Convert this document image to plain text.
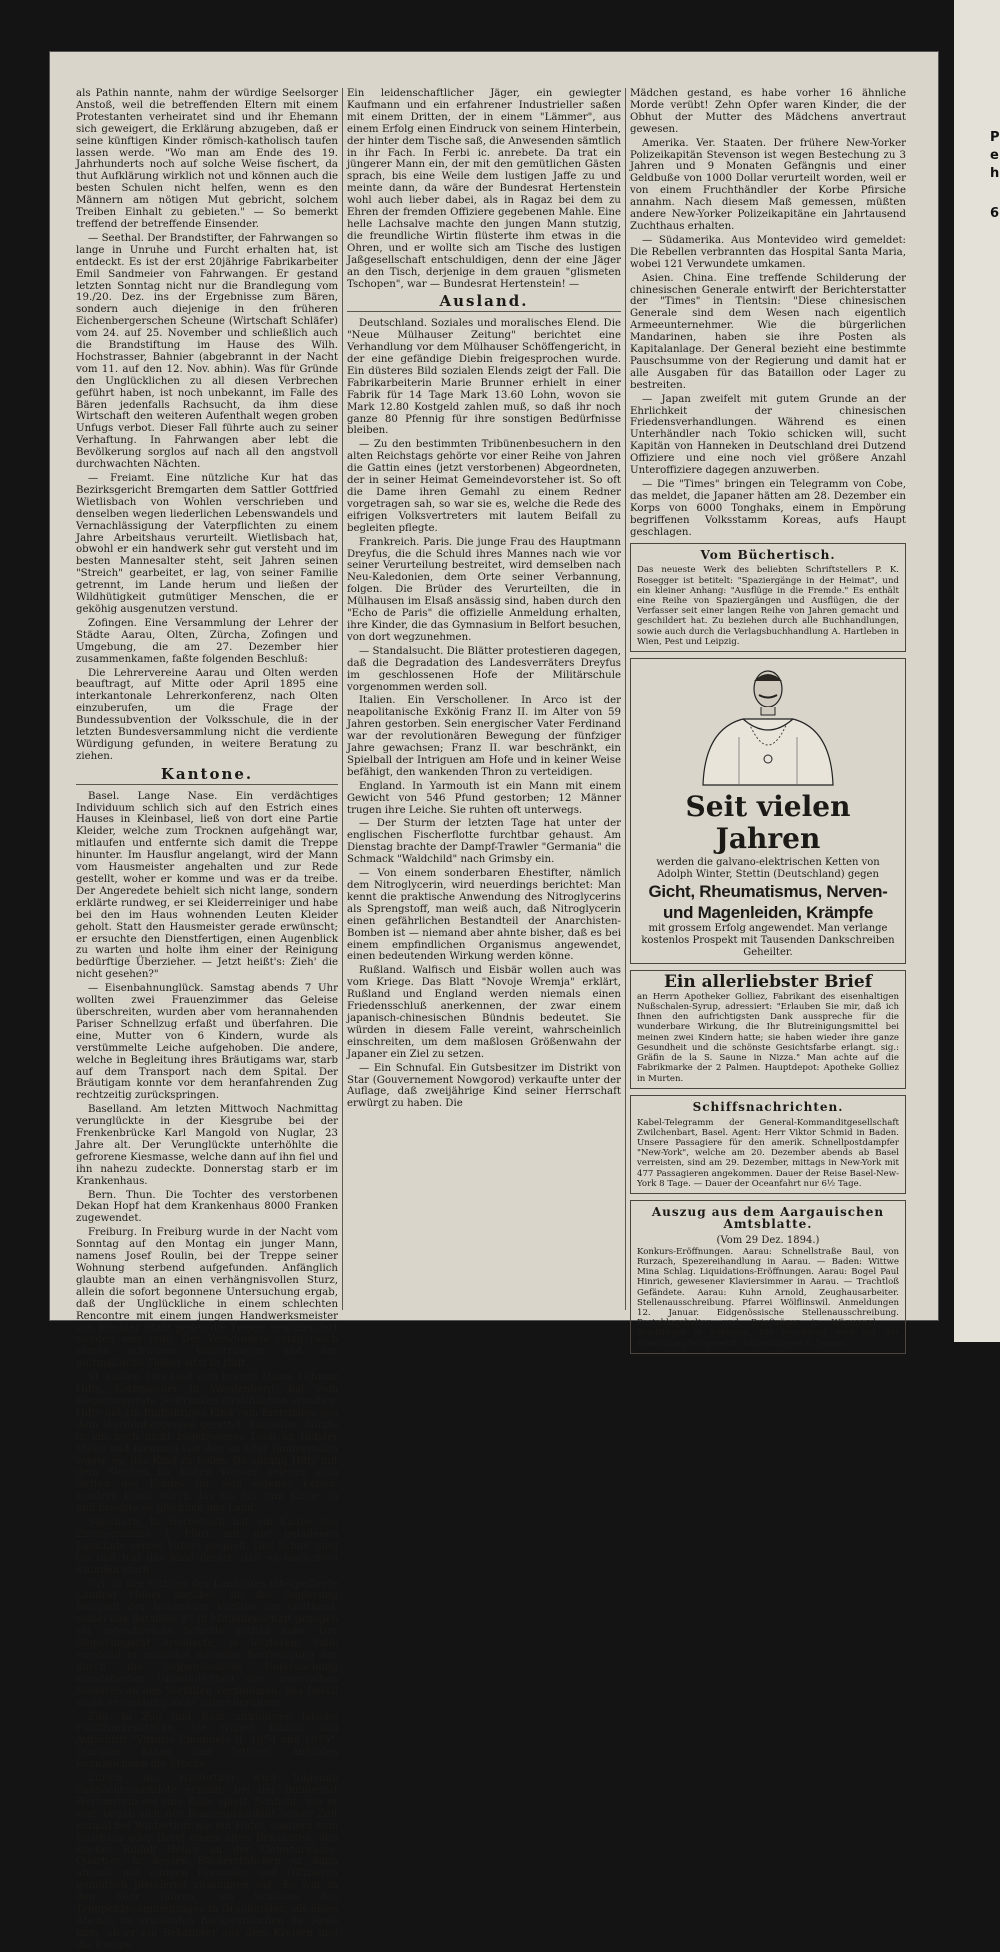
als Pathin nannte, nahm der würdige Seelsorger Anstoß, weil die betreffenden Eltern mit einem Protestanten verheiratet sind und ihr Ehemann sich geweigert, die Erklärung abzugeben, daß er seine künftigen Kinder römisch-katholisch taufen lassen werde. "Wo man am Ende des 19. Jahrhunderts noch auf solche Weise fischert, da thut Aufklärung wirklich not und können auch die besten Schulen nicht helfen, wenn es den Männern am nötigen Mut gebricht, solchem Treiben Einhalt zu gebieten." — So bemerkt treffend der betreffende Einsender.

— Seethal. Der Brandstifter, der Fahrwangen so lange in Unruhe und Furcht erhalten hat, ist entdeckt. Es ist der erst 20jährige Fabrikarbeiter Emil Sandmeier von Fahrwangen. Er gestand letzten Sonntag nicht nur die Brandlegung vom 19./20. Dez. ins der Ergebnisse zum Bären, sondern auch diejenige in den früheren Eichenbergerschen Scheune (Wirtschaft Schläfer) vom 24. auf 25. November und schließlich auch die Brandstiftung im Hause des Wilh. Hochstrasser, Bahnier (abgebrannt in der Nacht vom 11. auf den 12. Nov. abhin). Was für Gründe den Unglücklichen zu all diesen Verbrechen geführt haben, ist noch unbekannt, im Falle des Bären jedenfalls Rachsucht, da ihm diese Wirtschaft den weiteren Aufenthalt wegen groben Unfugs verbot. Dieser Fall führte auch zu seiner Verhaftung. In Fahrwangen aber lebt die Bevölkerung sorglos auf nach all den angstvoll durchwachten Nächten.

— Freiamt. Eine nützliche Kur hat das Bezirksgericht Bremgarten dem Sattler Gottfried Wietlisbach von Wohlen verschrieben und denselben wegen liederlichen Lebenswandels und Vernachlässigung der Vaterpflichten zu einem Jahre Arbeitshaus verurteilt. Wietlisbach hat, obwohl er ein handwerk sehr gut versteht und im besten Mannesalter steht, seit Jahren seinen "Streich" gearbeitet, er lag, von seiner Familie getrennt, im Lande herum und ließen der Wildhütigkeit gutmütiger Menschen, die er geköhig ausgenutzen verstund.

Zofingen. Eine Versammlung der Lehrer der Städte Aarau, Olten, Zürcha, Zofingen und Umgebung, die am 27. Dezember hier zusammenkamen, faßte folgenden Beschluß:

Die Lehrervereine Aarau und Olten werden beauftragt, auf Mitte oder April 1895 eine interkantonale Lehrerkonferenz, nach Olten einzuberufen, um die Frage der Bundessubvention der Volksschule, die in der letzten Bundesversammlung nicht die verdiente Würdigung gefunden, in weitere Beratung zu ziehen.

Kantone.

Basel. Lange Nase. Ein verdächtiges Individuum schlich sich auf den Estrich eines Hauses in Kleinbasel, ließ von dort eine Partie Kleider, welche zum Trocknen aufgehängt war, mitlaufen und entfernte sich damit die Treppe hinunter. Im Hausflur angelangt, wird der Mann vom Hausmeister angehalten und zur Rede gestellt, woher er komme und was er da treibe. Der Angeredete behielt sich nicht lange, sondern erklärte rundweg, er sei Kleiderreiniger und habe bei den im Haus wohnenden Leuten Kleider geholt. Statt den Hausmeister gerade erwünscht; er ersuchte den Dienstfertigen, einen Augenblick zu warten und holte ihm einer der Reinigung bedürftige Überzieher. — Jetzt heißt's: Zieh' die nicht gesehen?"

— Eisenbahnunglück. Samstag abends 7 Uhr wollten zwei Frauenzimmer das Geleise überschreiten, wurden aber vom herannahenden Pariser Schnellzug erfaßt und überfahren. Die eine, Mutter von 6 Kindern, wurde als verstümmelte Leiche aufgehoben. Die andere, welche in Begleitung ihres Bräutigams war, starb auf dem Transport nach dem Spital. Der Bräutigam konnte vor dem heranfahrenden Zug rechtzeitig zurückspringen.

Baselland. Am letzten Mittwoch Nachmittag verunglückte in der Kiesgrube bei der Frenkenbrücke Karl Mangold von Nuglar, 23 Jahre alt. Der Verunglückte unterhöhlte die gefrorene Kiesmasse, welche dann auf ihn fiel und ihn nahezu zudeckte. Donnerstag starb er im Krankenhaus.

Bern. Thun. Die Tochter des verstorbenen Dekan Hopf hat dem Krankenhaus 8000 Franken zugewendet.

Freiburg. In Freiburg wurde in der Nacht vom Sonntag auf den Montag ein junger Mann, namens Josef Roulin, bei der Treppe seiner Wohnung sterbend aufgefunden. Anfänglich glaubte man an einen verhängnisvollen Sturz, allein die sofort begonnene Untersuchung ergab, daß der Unglückliche in einem schlechten Rencontre mit einem jungen Handwerksmeister von hiesiger Stadt gegen die Treppe geschleudert worden sein muß. Der Verwundete erlag rasch seinen schweren Verletzungen und der mutmaßliche Thäter sitzt in Haft.

St. Gallen. Das Lied vom braven Mann. Othmar Hilty, Korbmacher in Werdenberg, hat vom Regierungsrate 30 Franken Gratifikation erhalten. Hilty hat ein fünfjähriges Kind vom Erstrinken aus dem Werdenbergersee gerettet. Dasselbe stürzte in ein noch nicht zugefrorenes Loch an tiefster Stelle und niemand von den an Ufer Jammernden wagte es, das Kind zu holen. Da sprang Hilty mit dem Stecken im kalten Wasser gelegen zum Retten des Kindes für sein eigenes Leben, sondern brach durch das Eis bis zum Kinde zu und brachte es glücklich ans Land.

Solothurn. In Herbetswil hat ein Knabe des Zimmermanns J. Fluri mit der geladenen Jagdflinte seines Vaters gespielt. Der Schuß ging los und traf das Kind derart, daß es nach zwei Stunden starb.

Uri. In der Sitzung des Landrates interpellierte Landrat Huber darüber, ob die Regierung beispielt der bekannten Vorfälle am Gotthard, wobei das Bataillon 87 in Mitleidenschaft gezogen sei, irgendwelche Schritte gethan habe. Der Regierungsrat erwiderte, in letzterem Falle empfand er zunächst dasselbe Befriedigung der durch die eidgenössische Untersuchung konstatierten Unbeteiligtheit der urnerischen Soldaten an den Vorfällen vernommen, das Detail wolle er vorläufig nicht näher berühren.

Zug. In Zug und Baar zirkulieren falsche Fünffrankenstücke. Sie tragen Bildnis und Aufschrift "Vittorio Emanuele II. 1874 und 1875". Dumpfer Klang und fettiges Anfühlen kennzeichnen die Stücke.

Zürich. Aus Winterthur wird folgende Faßnachtsanekdote erzählt: bei der Bundesrat Hertenstein sei eine Rolle spielt: Schlicht, wie er war, begab sich der Bundespräsident seiner Zeit einmal bei Winterthur nie ein Hotel, sondern vom Gasthaus oder Hotel einem alten Bekannten, den Bäcker Rudolf Heller an der Untertorgasse, Quartier, in dessen Bäckerstübchen er dann abends mit einigen Freunden und Offizieren gemütlich plaudernd zusammen saß. Es war in den 80er Jahren, am Schlusse des Truppenzusammenzuges in Graubünden, als eines Abends im erwähnten Bäckerstübchen die Rede kam, ob er ein Bekannter aus dem Kreisen und die Kneipe.

Ein leidenschaftlicher Jäger, ein gewiegter Kaufmann und ein erfahrener Industrieller saßen mit einem Dritten, der in einem "Lämmer", aus einem Erfolg einen Eindruck von seinem Hinterbein, der hinter dem Tische saß, die Anwesenden sämtlich in ihr Fach. In Ferbi ic. anrebete. Da trat ein jüngerer Mann ein, der mit den gemütlichen Gästen sprach, bis eine Weile dem lustigen Jaffe zu und meinte dann, da wäre der Bundesrat Hertenstein wohl auch lieber dabei, als in Ragaz bei dem zu Ehren der fremden Offiziere gegebenen Mahle. Eine helle Lachsalve machte den jungen Mann stutzig, die freundliche Wirtin flüsterte ihm etwas in die Ohren, und er wollte sich am Tische des lustigen Jaßgesellschaft entschuldigen, denn der eine Jäger an den Tisch, derjenige in dem grauen "glismeten Tschopen", war — Bundesrat Hertenstein! —

Ausland.

Deutschland. Soziales und moralisches Elend. Die "Neue Mülhauser Zeitung" berichtet eine Verhandlung vor dem Mülhauser Schöffengericht, in der eine gefändige Diebin freigesprochen wurde. Ein düsteres Bild sozialen Elends zeigt der Fall. Die Fabrikarbeiterin Marie Brunner erhielt in einer Fabrik für 14 Tage Mark 13.60 Lohn, wovon sie Mark 12.80 Kostgeld zahlen muß, so daß ihr noch ganze 80 Pfennig für ihre sonstigen Bedürfnisse bleiben.

— Zu den bestimmten Tribünenbesuchern in den alten Reichstags gehörte vor einer Reihe von Jahren die Gattin eines (jetzt verstorbenen) Abgeordneten, der in seiner Heimat Gemeindevorsteher ist. So oft die Dame ihren Gemahl zu einem Redner vorgetragen sah, so war sie es, welche die Rede des eifrigen Volksvertreters mit lautem Beifall zu begleiten pflegte.

Frankreich. Paris. Die junge Frau des Hauptmann Dreyfus, die die Schuld ihres Mannes nach wie vor seiner Verurteilung bestreitet, wird demselben nach Neu-Kaledonien, dem Orte seiner Verbannung, folgen. Die Brüder des Verurteilten, die in Mülhausen im Elsaß ansässig sind, haben durch den "Echo de Paris" die offizielle Anmeldung erhalten, ihre Kinder, die das Gymnasium in Belfort besuchen, von dort wegzunehmen.

— Standalsucht. Die Blätter protestieren dagegen, daß die Degradation des Landesverräters Dreyfus im geschlossenen Hofe der Militärschule vorgenommen werden soll.

Italien. Ein Verschollener. In Arco ist der neapolitanische Exkönig Franz II. im Alter von 59 Jahren gestorben. Sein energischer Vater Ferdinand war der revolutionären Bewegung der fünfziger Jahre gewachsen; Franz II. war beschränkt, ein Spielball der Intriguen am Hofe und in keiner Weise befähigt, den wankenden Thron zu verteidigen.

England. In Yarmouth ist ein Mann mit einem Gewicht von 546 Pfund gestorben; 12 Männer trugen ihre Leiche. Sie ruhten oft unterwegs.

— Der Sturm der letzten Tage hat unter der englischen Fischerflotte furchtbar gehaust. Am Dienstag brachte der Dampf-Trawler "Germania" die Schmack "Waldchild" nach Grimsby ein.

— Von einem sonderbaren Ehestifter, nämlich dem Nitroglycerin, wird neuerdings berichtet: Man kennt die praktische Anwendung des Nitroglycerins als Sprengstoff, man weiß auch, daß Nitroglycerin einen gefährlichen Bestandteil der Anarchisten-Bomben ist — niemand aber ahnte bisher, daß es bei einem empfindlichen Organismus angewendet, einen bedeutenden Wirkung werden könne.

Rußland. Walfisch und Eisbär wollen auch was vom Kriege. Das Blatt "Novoje Wremja" erklärt, Rußland und England werden niemals einen Friedensschluß anerkennen, der zwar einem japanisch-chinesischen Bündnis bedeutet. Sie würden in diesem Falle vereint, wahrscheinlich einschreiten, um dem maßlosen Größenwahn der Japaner ein Ziel zu setzen.

— Ein Schnufal. Ein Gutsbesitzer im Distrikt von Star (Gouvernement Nowgorod) verkaufte unter der Auflage, daß zweijährige Kind seiner Herrschaft erwürgt zu haben. Die

Mädchen gestand, es habe vorher 16 ähnliche Morde verübt! Zehn Opfer waren Kinder, die der Obhut der Mutter des Mädchens anvertraut gewesen.

Amerika. Ver. Staaten. Der frühere New-Yorker Polizeikapitän Stevenson ist wegen Bestechung zu 3 Jahren und 9 Monaten Gefängnis und einer Geldbuße von 1000 Dollar verurteilt worden, weil er von einem Fruchthändler der Korbe Pfirsiche annahm. Nach diesem Maß gemessen, müßten andere New-Yorker Polizeikapitäne ein Jahrtausend Zuchthaus erhalten.

— Südamerika. Aus Montevideo wird gemeldet: Die Rebellen verbrannten das Hospital Santa Maria, wobei 121 Verwundete umkamen.

Asien. China. Eine treffende Schilderung der chinesischen Generale entwirft der Berichterstatter der "Times" in Tientsin: "Diese chinesischen Generale sind dem Wesen nach eigentlich Armeeunternehmer. Wie die bürgerlichen Mandarinen, haben sie ihre Posten als Kapitalanlage. Der General bezieht eine bestimmte Pauschsumme von der Regierung und damit hat er alle Ausgaben für das Bataillon oder Lager zu bestreiten.

— Japan zweifelt mit gutem Grunde an der Ehrlichkeit der chinesischen Friedensverhandlungen. Während es einen Unterhändler nach Tokio schicken will, sucht Kapitän von Hanneken in Deutschland drei Dutzend Offiziere und eine noch viel größere Anzahl Unteroffiziere dagegen anzuwerben.

— Die "Times" bringen ein Telegramm von Cobe, das meldet, die Japaner hätten am 28. Dezember ein Korps von 6000 Tonghaks, einem in Empörung begriffenen Volksstamm Koreas, aufs Haupt geschlagen.

Vom Büchertisch.
Das neueste Werk des beliebten Schriftstellers P. K. Rosegger ist betitelt: "Spaziergänge in der Heimat", und ein kleiner Anhang: "Ausflüge in die Fremde." Es enthält eine Reihe von Spaziergängen und Ausflügen, die der Verfasser seit einer langen Reihe von Jahren gemacht und geschildert hat. Zu beziehen durch alle Buchhandlungen, sowie auch durch die Verlagsbuchhandlung A. Hartleben in Wien, Pest und Leipzig.
Seit vielen Jahren
werden die galvano-elektrischen Ketten von Adolph Winter, Stettin (Deutschland) gegen
Gicht, Rheumatismus, Nerven-
und Magenleiden, Krämpfe
mit grossem Erfolg angewendet. Man verlange kostenlos Prospekt mit Tausenden Dankschreiben Geheilter.
Ein allerliebster Brief
an Herrn Apotheker Golliez, Fabrikant des eisenhaltigen Nußschalen-Syrup, adressiert: "Erlauben Sie mir, daß ich Ihnen den aufrichtigsten Dank ausspreche für die wunderbare Wirkung, die Ihr Blutreinigungsmittel bei meinen zwei Kindern hatte; sie haben wieder ihre ganze Gesundheit und die schönste Gesichtsfarbe erlangt. sig.: Gräfin de la S. Saune in Nizza." Man achte auf die Fabrikmarke der 2 Palmen. Hauptdepot: Apotheke Golliez in Murten.
Schiffsnachrichten.
Kabel-Telegramm der General-Kommanditgesellschaft Zwilchenbart, Basel. Agent: Herr Viktor Schmid in Baden. Unsere Passagiere für den amerik. Schnellpostdampfer "New-York", welche am 20. Dezember abends ab Basel verreisten, sind am 29. Dezember, mittags in New-York mit 477 Passagieren angekommen. Dauer der Reise Basel-New-York 8 Tage. — Dauer der Oceanfahrt nur 6½ Tage.
Auszug aus dem Aargauischen Amtsblatte.
(Vom 29 Dez. 1894.)
Konkurs-Eröffnungen. Aarau: Schnellstraße Baul, von Rurzach, Spezereihandlung in Aarau. — Baden: Wittwe Mina Schlag. Liquidations-Eröffnungen. Aarau: Bogel Paul Hinrich, gewesener Klaviersimmer in Aarau. — Trachtloß Gefändete. Aarau: Kuhn Arnold, Zeughausarbeiter. Stellenausschreibung. Pfarrei Wölflinswil. Anmeldungen 12. Januar. Eidgenössische Stellenausschreibung. Postablagehalter und Briefträger in Wägenwyl. — Briefträger in Zofingen. Die Besoldung wird mit der Ernennung festgesetzt. Anmeldungen 8. Januar.
P
e
h
6
